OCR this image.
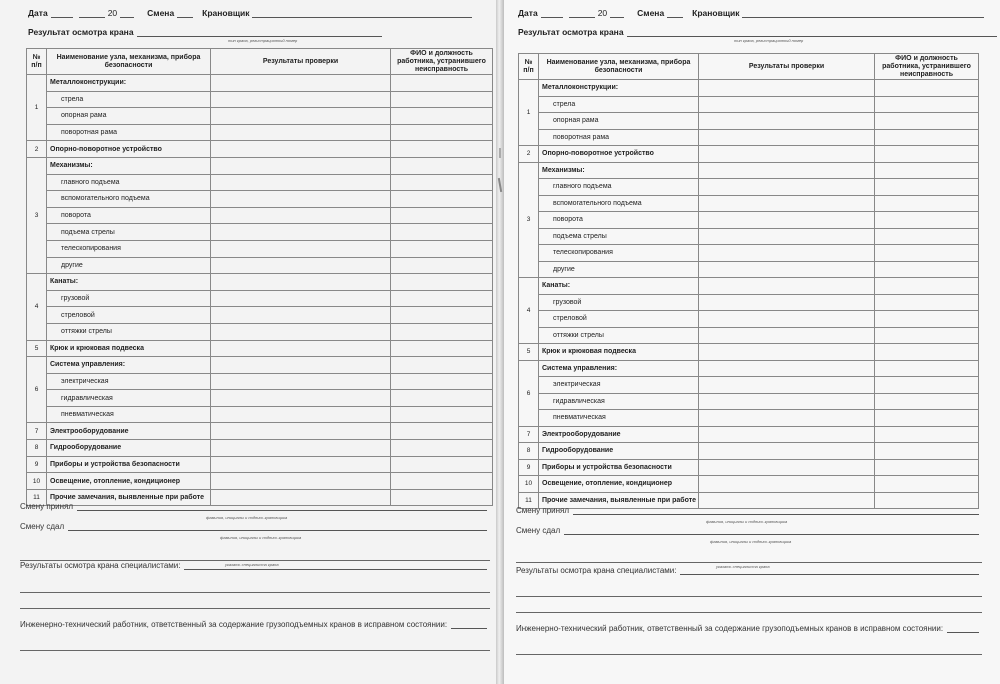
Дата	20	Смена	Крановщик
Результат осмотра крана
тип крана, регистрационный номер
№ п/п	Наименование узла, механизма, прибора безопасности	Результаты проверки	ФИО и должность работника, устранившего неисправность
1	Металлоконструкции:		
	стрела		
	опорная рама		
	поворотная рама		
2	Опорно-поворотное устройство		
3	Механизмы:		
	главного подъема		
	вспомогательного подъема		
	поворота		
	подъема стрелы		
	телескопирования		
	другие		
4	Канаты:		
	грузовой		
	стреловой		
	оттяжки стрелы		
5	Крюк и крюковая подвеска		
6	Система управления:		
	электрическая		
	гидравлическая		
	пневматическая		
7	Электрооборудование		
8	Гидрооборудование		
9	Приборы и устройства безопасности		
10	Освещение, отопление, кондиционер		
11	Прочие замечания, выявленные при работе		
Смену принял
фамилия, инициалы и подпись крановщика
Смену сдал
фамилия, инициалы и подпись крановщика
указать специалиста крана
Результаты осмотра крана специалистами:
Инженерно-технический работник, ответственный за содержание грузоподъемных кранов в исправном состоянии:
Дата	20	Смена	Крановщик
Результат осмотра крана
тип крана, регистрационный номер
№ п/п	Наименование узла, механизма, прибора безопасности	Результаты проверки	ФИО и должность работника, устранившего неисправность
1	Металлоконструкции:		
	стрела		
	опорная рама		
	поворотная рама		
2	Опорно-поворотное устройство		
3	Механизмы:		
	главного подъема		
	вспомогательного подъема		
	поворота		
	подъема стрелы		
	телескопирования		
	другие		
4	Канаты:		
	грузовой		
	стреловой		
	оттяжки стрелы		
5	Крюк и крюковая подвеска		
6	Система управления:		
	электрическая		
	гидравлическая		
	пневматическая		
7	Электрооборудование		
8	Гидрооборудование		
9	Приборы и устройства безопасности		
10	Освещение, отопление, кондиционер		
11	Прочие замечания, выявленные при работе		
Смену принял
фамилия, инициалы и подпись крановщика
Смену сдал
фамилия, инициалы и подпись крановщика
указать специалиста крана
Результаты осмотра крана специалистами:
Инженерно-технический работник, ответственный за содержание грузоподъемных кранов в исправном состоянии:
